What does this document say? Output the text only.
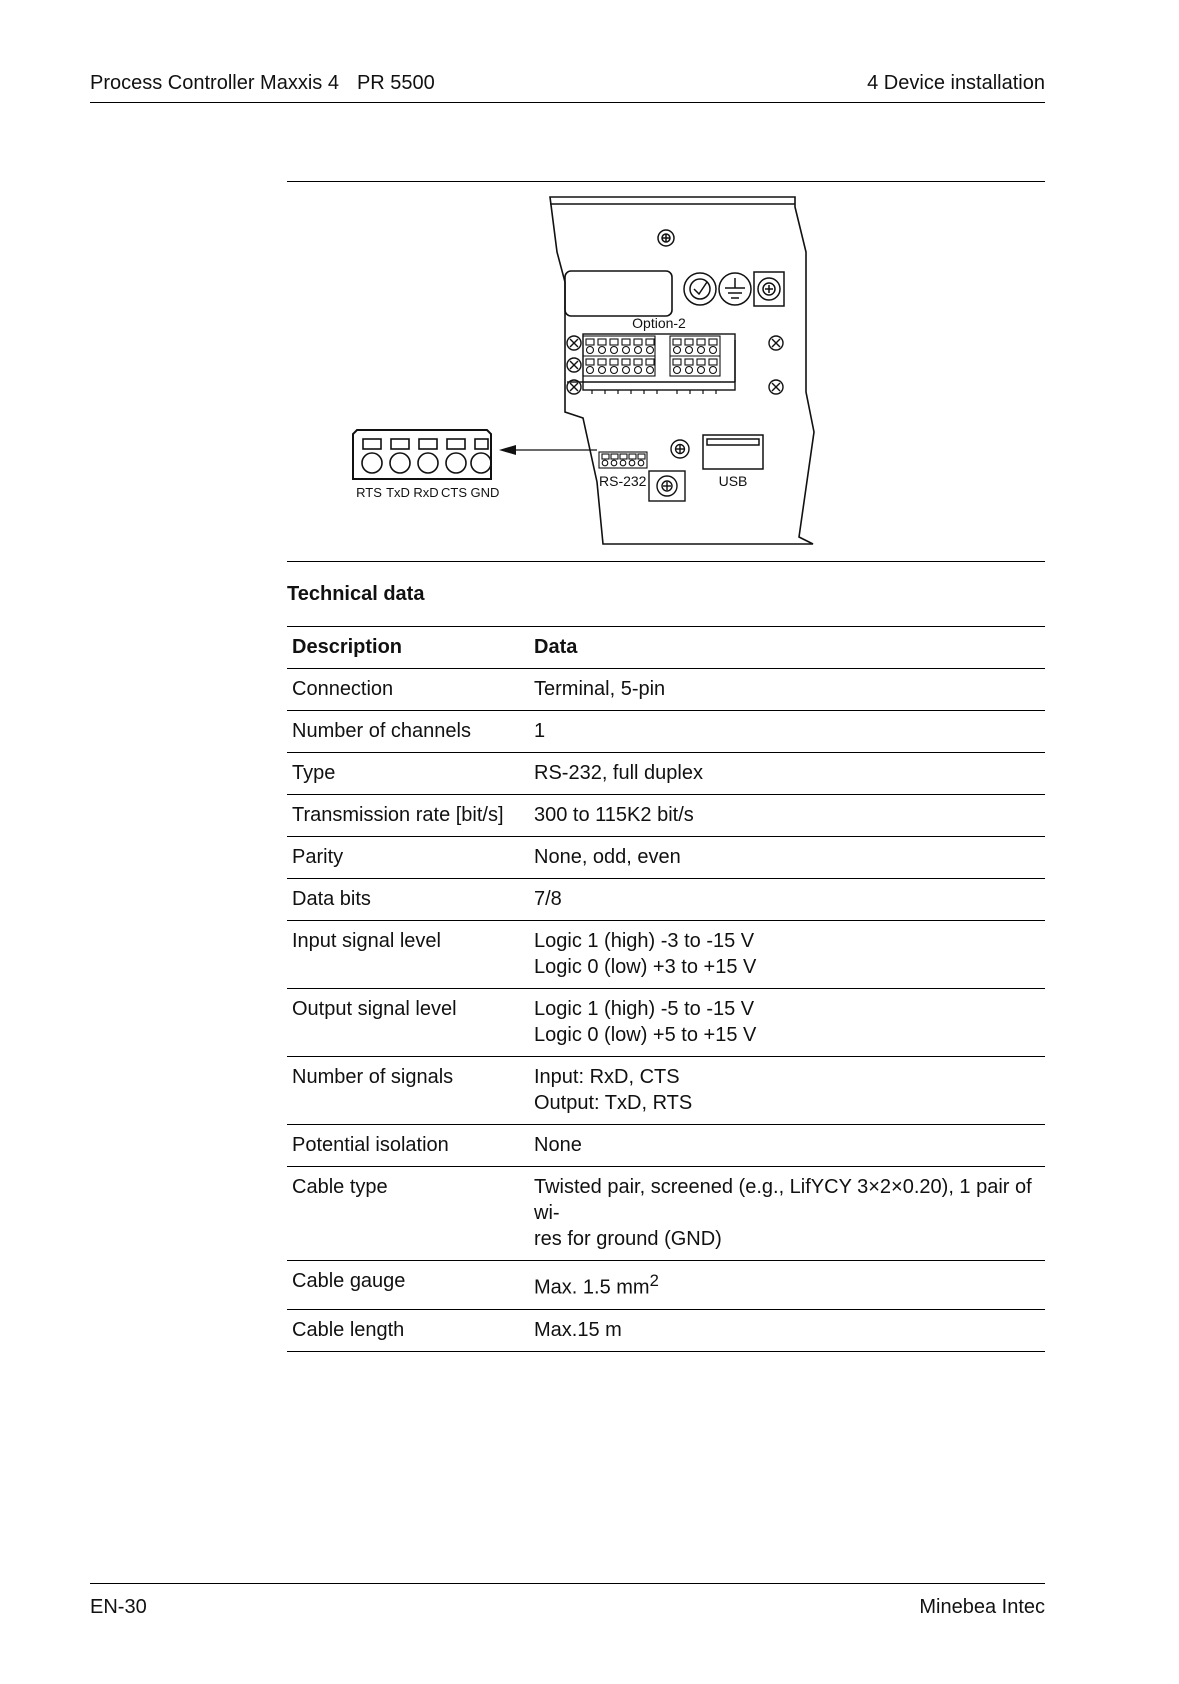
Process Controller Maxxis 4 PR 5500	4 Device installation
Option-2
RS-232	USB
RTS TxD RxD CTS GND
Technical data
Description	Data
Connection	Terminal, 5-pin

Number of channels	1

Type	RS-232, full duplex

Transmission rate [bit/s]	300 to 115K2 bit/s

Parity	None, odd, even

Data bits	7/8

Input signal level	Logic 1 (high) -3 to -15 V
Logic 0 (low) +3 to +15 V

Output signal level	Logic 1 (high) -5 to -15 V
Logic 0 (low) +5 to +15 V

Number of signals	Input: RxD, CTS
Output: TxD, RTS

Potential isolation	None

Cable type	Twisted pair, screened (e.g., LifYCY 3×2×0.20), 1 pair of wi-
res for ground (GND)

Cable gauge	Max. 1.5 $mm^2$
Cable length	Max.15 m
EN-30	Minebea Intec
